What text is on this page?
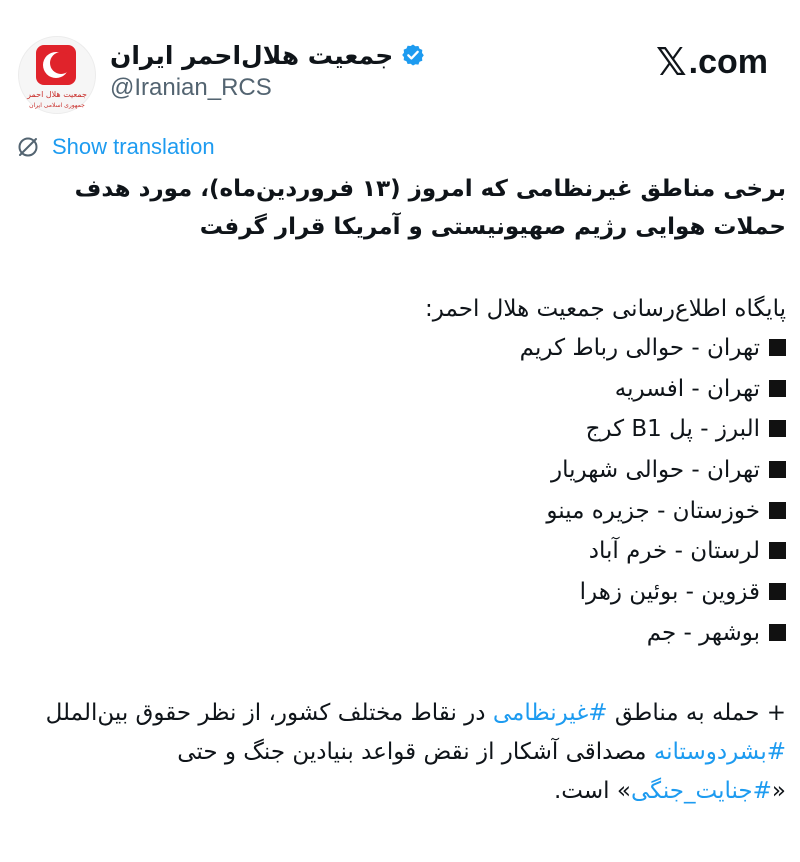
جمعیت هلال احمر
جمهوری اسلامی ایران
جمعیت هلال‌احمر ایران
@Iranian_RCS
𝕏 .com
Show translation

برخی مناطق غیرنظامی که امروز (۱۳ فروردین‌ماه)، مورد هدف حملات هوایی رژیم صهیونیستی و آمریکا قرار گرفت

پایگاه اطلاع‌رسانی جمعیت هلال احمر:

تهران - حوالی رباط کریم
تهران - افسریه
البرز - پل B1 کرج
تهران - حوالی شهریار
خوزستان - جزیره مینو
لرستان - خرم آباد
قزوین - بوئین زهرا
بوشهر - جم

+ حمله به مناطق #غیرنظامی در نقاط مختلف کشور، از نظر حقوق بین‌الملل #بشردوستانه مصداقی آشکار از نقض قواعد بنیادین جنگ و حتی «#جنایت_جنگی» است.
